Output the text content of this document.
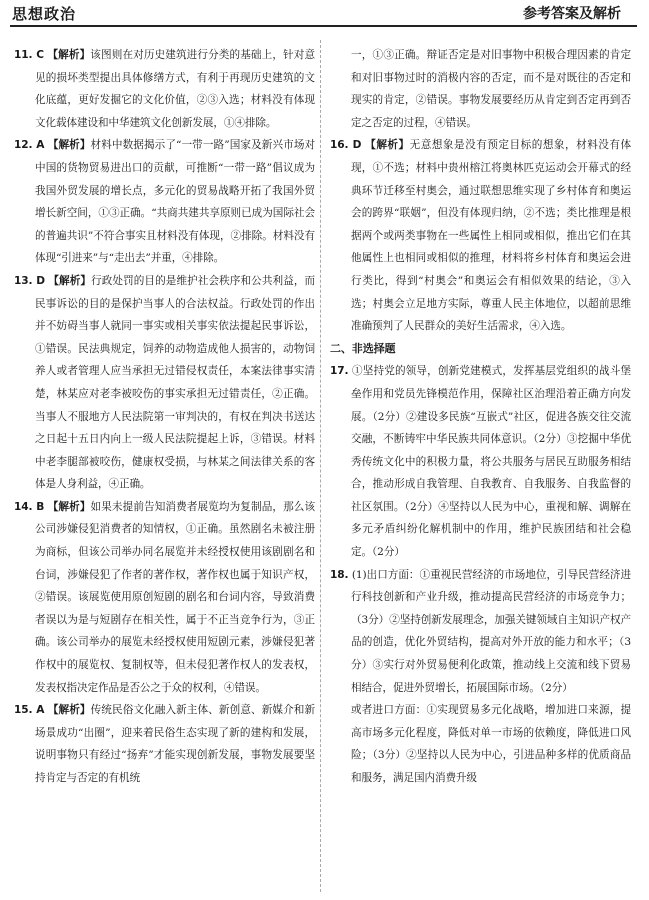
思想政治	参考答案及解析

11. C 【解析】该图则在对历史建筑进行分类的基础上，针对意见的损坏类型提出具体修缮方式，有利于再现历史建筑的文化底蕴，更好发掘它的文化价值，②③入选；材料没有体现文化载体建设和中华建筑文化创新发展，①④排除。

12. A 【解析】材料中数据揭示了“一带一路”国家及新兴市场对中国的货物贸易进出口的贡献，可推断“一带一路”倡议成为我国外贸发展的增长点，多元化的贸易战略开拓了我国外贸增长新空间，①③正确。“共商共建共享原则已成为国际社会的普遍共识”不符合事实且材料没有体现，②排除。材料没有体现“引进来”与“走出去”并重，④排除。

13. D 【解析】行政处罚的目的是维护社会秩序和公共利益，而民事诉讼的目的是保护当事人的合法权益。行政处罚的作出并不妨碍当事人就同一事实或相关事实依法提起民事诉讼，①错误。民法典规定，饲养的动物造成他人损害的，动物饲养人或者管理人应当承担无过错侵权责任，本案法律事实清楚，林某应对老李被咬伤的事实承担无过错责任，②正确。当事人不服地方人民法院第一审判决的，有权在判决书送达之日起十五日内向上一级人民法院提起上诉，③错误。材料中老李腿部被咬伤，健康权受损，与林某之间法律关系的客体是人身利益，④正确。

14. B 【解析】如果未提前告知消费者展览均为复制品，那么该公司涉嫌侵犯消费者的知情权，①正确。虽然剧名未被注册为商标，但该公司举办同名展览并未经授权使用该剧剧名和台词，涉嫌侵犯了作者的著作权，著作权也属于知识产权，②错误。该展览使用原创短剧的剧名和台词内容，导致消费者误以为是与短剧存在相关性，属于不正当竞争行为，③正确。该公司举办的展览未经授权使用短剧元素，涉嫌侵犯著作权中的展览权、复制权等，但未侵犯著作权人的发表权，发表权指决定作品是否公之于众的权利，④错误。

15. A 【解析】传统民俗文化融入新主体、新创意、新媒介和新场景成功“出圈”，迎来着民俗生态实现了新的建构和发展，说明事物只有经过“扬弃”才能实现创新发展，事物发展要坚持肯定与否定的有机统

一，①③正确。辩证否定是对旧事物中积极合理因素的肯定和对旧事物过时的消极内容的否定，而不是对既往的否定和现实的肯定，②错误。事物发展要经历从肯定到否定再到否定之否定的过程，④错误。

16. D 【解析】无意想象是没有预定目标的想象，材料没有体现，①不选；材料中贵州榕江将奥林匹克运动会开幕式的经典环节迁移至村奥会，通过联想思维实现了乡村体育和奥运会的跨界“联姻”，但没有体现归纳，②不选；类比推理是根据两个或两类事物在一些属性上相同或相似，推出它们在其他属性上也相同或相似的推理，材料将乡村体育和奥运会进行类比，得到“村奥会”和奥运会有相似效果的结论，③入选；村奥会立足地方实际，尊重人民主体地位，以超前思维准确预判了人民群众的美好生活需求，④入选。

二、非选择题

17. ①坚持党的领导，创新党建模式，发挥基层党组织的战斗堡垒作用和党员先锋模范作用，保障社区治理沿着正确方向发展。（2分）②建设多民族“互嵌式”社区，促进各族交往交流交融，不断铸牢中华民族共同体意识。（2分）③挖掘中华优秀传统文化中的积极力量，将公共服务与居民互助服务相结合，推动形成自我管理、自我教育、自我服务、自我监督的社区氛围。（2分）④坚持以人民为中心，重视和解、调解在多元矛盾纠纷化解机制中的作用，维护民族团结和社会稳定。（2分）

18. (1)出口方面：①重视民营经济的市场地位，引导民营经济进行科技创新和产业升级，推动提高民营经济的市场竞争力；（3分）②坚持创新发展理念，加强关键领域自主知识产权产品的创造，优化外贸结构，提高对外开放的能力和水平；（3分）③实行对外贸易便利化政策，推动线上交流和线下贸易相结合，促进外贸增长，拓展国际市场。（2分）

或者进口方面：①实现贸易多元化战略，增加进口来源，提高市场多元化程度，降低对单一市场的依赖度，降低进口风险；（3分）②坚持以人民为中心，引进品种多样的优质商品和服务，满足国内消费升级
